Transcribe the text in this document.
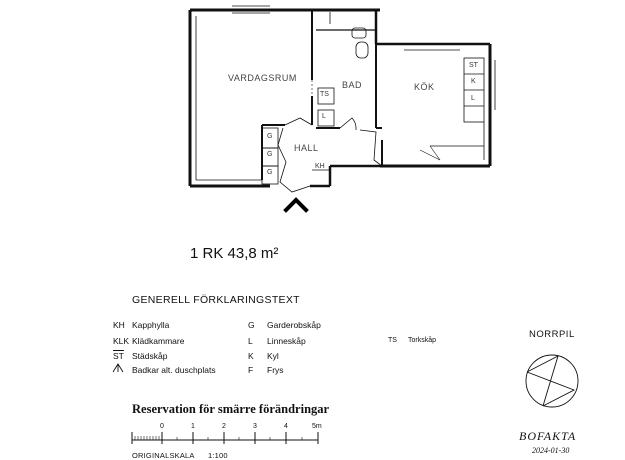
VARDAGSRUM
BAD	KÖK
HALL
TS
L
KH
G
G
G
ST
K
L
1 RK 43,8 m²
GENERELL FÖRKLARINGSTEXT
KH Kapphylla
KLK Klädkammare
$\overline{ST}$ Städskåp
Badkar alt. duschplats
G Garderobskåp
L Linneskåp
K Kyl
F Frys
TS Torkskåp
Reservation för smärre förändringar
0	1	2	3	4	5m
ORIGINALSKALA 1:100
NORRPIL
BOFAKTA
2024-01-30
